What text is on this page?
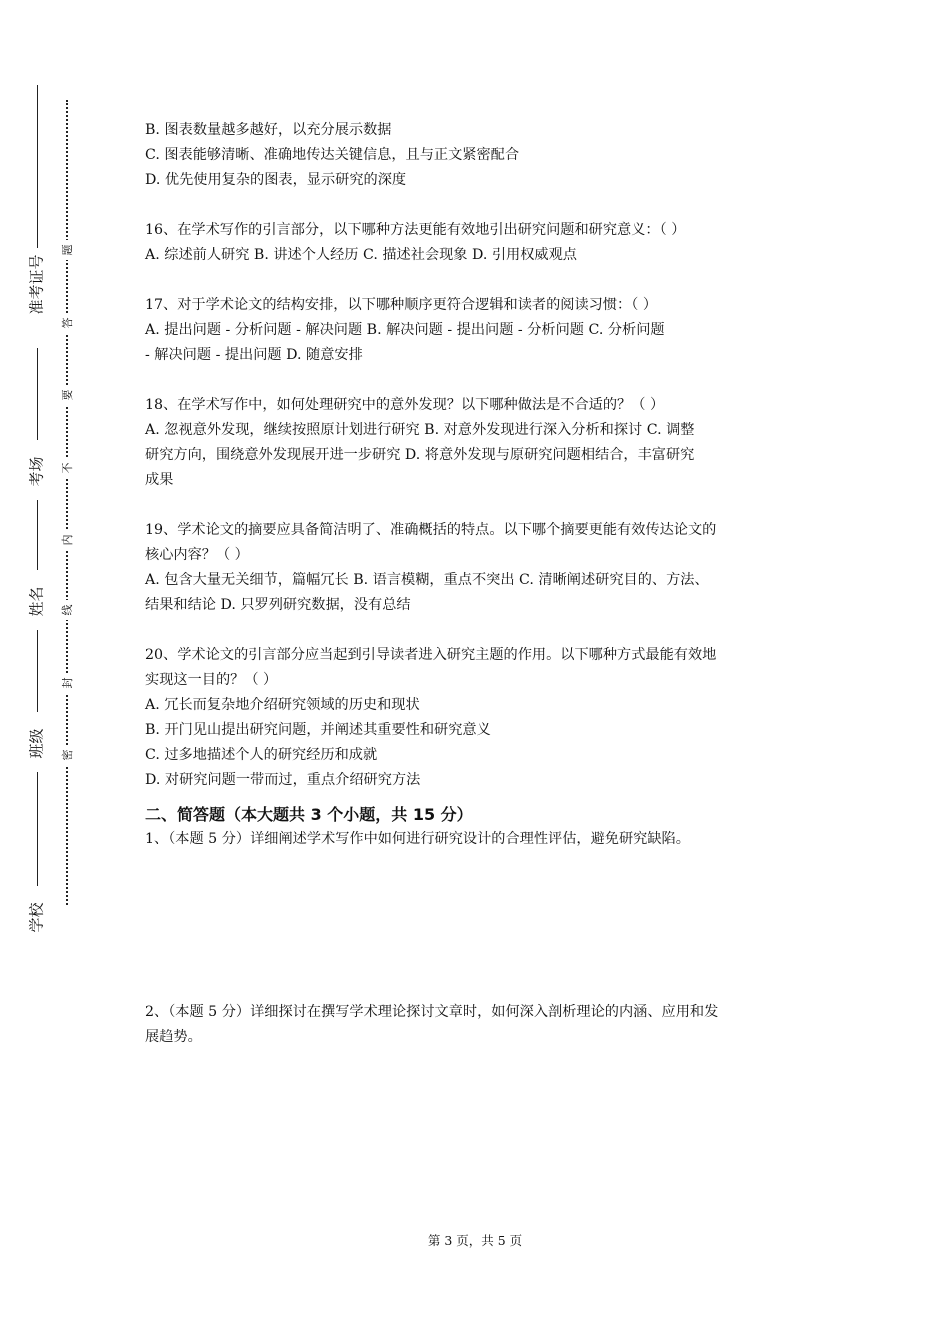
准考证号
考场
姓名
班级
学校
题
答
要
不
内
线
封
密
B. 图表数量越多越好，以充分展示数据
C. 图表能够清晰、准确地传达关键信息，且与正文紧密配合
D. 优先使用复杂的图表，显示研究的深度
16、在学术写作的引言部分，以下哪种方法更能有效地引出研究问题和研究意义：（ ）
A. 综述前人研究 B. 讲述个人经历 C. 描述社会现象 D. 引用权威观点
17、对于学术论文的结构安排，以下哪种顺序更符合逻辑和读者的阅读习惯：（ ）
A. 提出问题 - 分析问题 - 解决问题 B. 解决问题 - 提出问题 - 分析问题 C. 分析问题
- 解决问题 - 提出问题 D. 随意安排
18、在学术写作中，如何处理研究中的意外发现？以下哪种做法是不合适的？（ ）
A. 忽视意外发现，继续按照原计划进行研究 B. 对意外发现进行深入分析和探讨 C. 调整
研究方向，围绕意外发现展开进一步研究 D. 将意外发现与原研究问题相结合，丰富研究
成果
19、学术论文的摘要应具备简洁明了、准确概括的特点。以下哪个摘要更能有效传达论文的
核心内容？（ ）
A. 包含大量无关细节，篇幅冗长 B. 语言模糊，重点不突出 C. 清晰阐述研究目的、方法、
结果和结论 D. 只罗列研究数据，没有总结
20、学术论文的引言部分应当起到引导读者进入研究主题的作用。以下哪种方式最能有效地
实现这一目的？（ ）
A. 冗长而复杂地介绍研究领域的历史和现状
B. 开门见山提出研究问题，并阐述其重要性和研究意义
C. 过多地描述个人的研究经历和成就
D. 对研究问题一带而过，重点介绍研究方法
二、简答题（本大题共 3 个小题，共 15 分）
1、（本题 5 分）详细阐述学术写作中如何进行研究设计的合理性评估，避免研究缺陷。
2、（本题 5 分）详细探讨在撰写学术理论探讨文章时，如何深入剖析理论的内涵、应用和发
展趋势。
第 3 页，共 5 页
